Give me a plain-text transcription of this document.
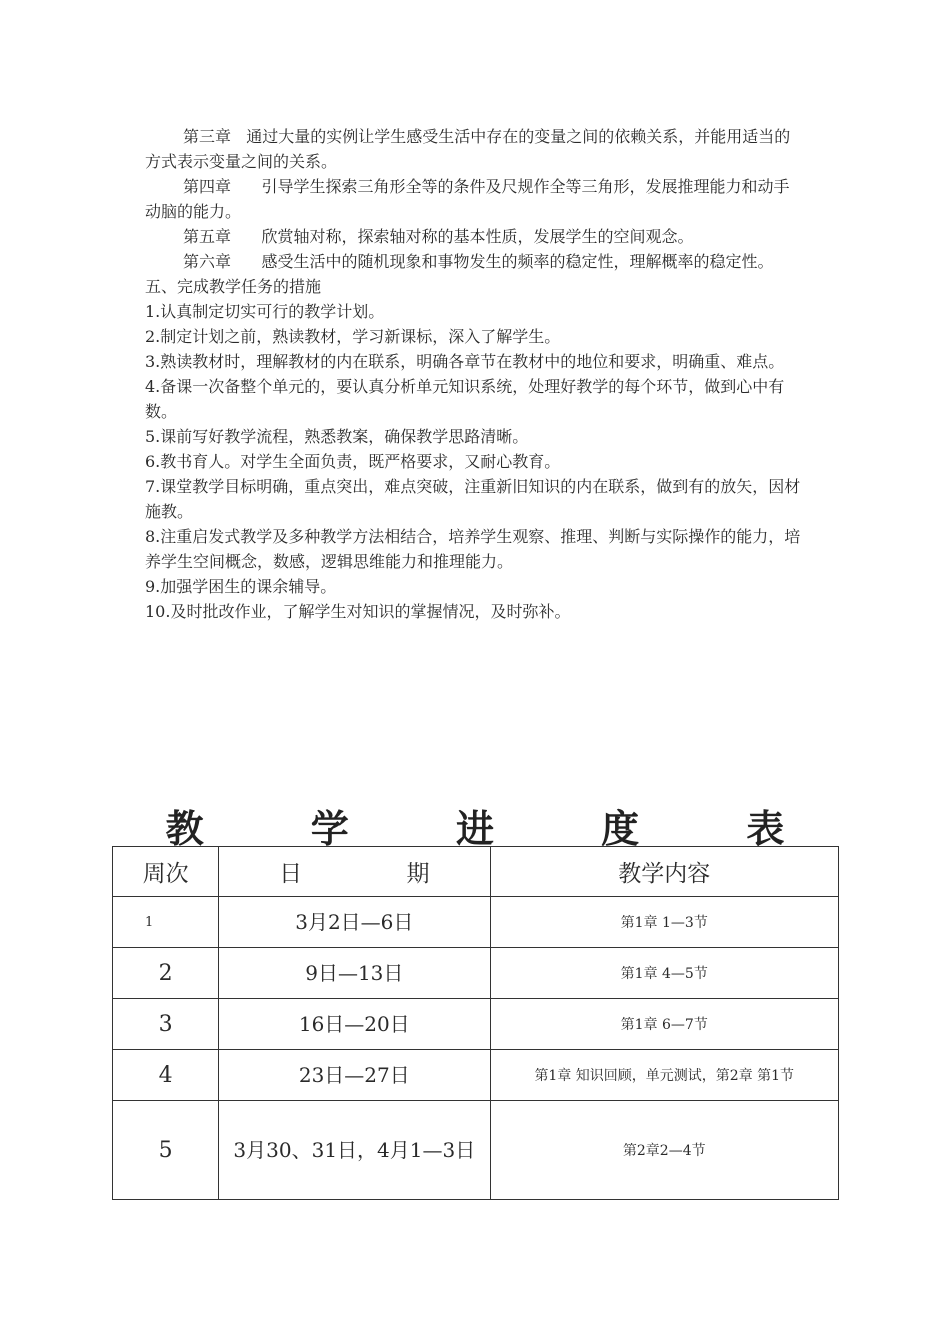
第三章 通过大量的实例让学生感受生活中存在的变量之间的依赖关系，并能用适当的方式表示变量之间的关系。

第四章 引导学生探索三角形全等的条件及尺规作全等三角形，发展推理能力和动手动脑的能力。

第五章 欣赏轴对称，探索轴对称的基本性质，发展学生的空间观念。

第六章 感受生活中的随机现象和事物发生的频率的稳定性，理解概率的稳定性。

五、完成教学任务的措施

1.认真制定切实可行的教学计划。

2.制定计划之前，熟读教材，学习新课标，深入了解学生。

3.熟读教材时，理解教材的内在联系，明确各章节在教材中的地位和要求，明确重、难点。

4.备课一次备整个单元的，要认真分析单元知识系统，处理好教学的每个环节，做到心中有数。

5.课前写好教学流程，熟悉教案，确保教学思路清晰。

6.教书育人。对学生全面负责，既严格要求，又耐心教育。

7.课堂教学目标明确，重点突出，难点突破，注重新旧知识的内在联系，做到有的放矢，因材施教。

8.注重启发式教学及多种教学方法相结合，培养学生观察、推理、判断与实际操作的能力，培养学生空间概念，数感，逻辑思维能力和推理能力。

9.加强学困生的课余辅导。

10.及时批改作业，了解学生对知识的掌握情况，及时弥补。

教	学	进	度	表
周次	日 期	教学内容
1	3月2日—6日	第1章 1—3节
2	9日—13日	第1章 4—5节
3	16日—20日	第1章 6—7节
4	23日—27日	第1章 知识回顾，单元测试，第2章 第1节
5	3月30、31日，4月1—3日	第2章2—4节
